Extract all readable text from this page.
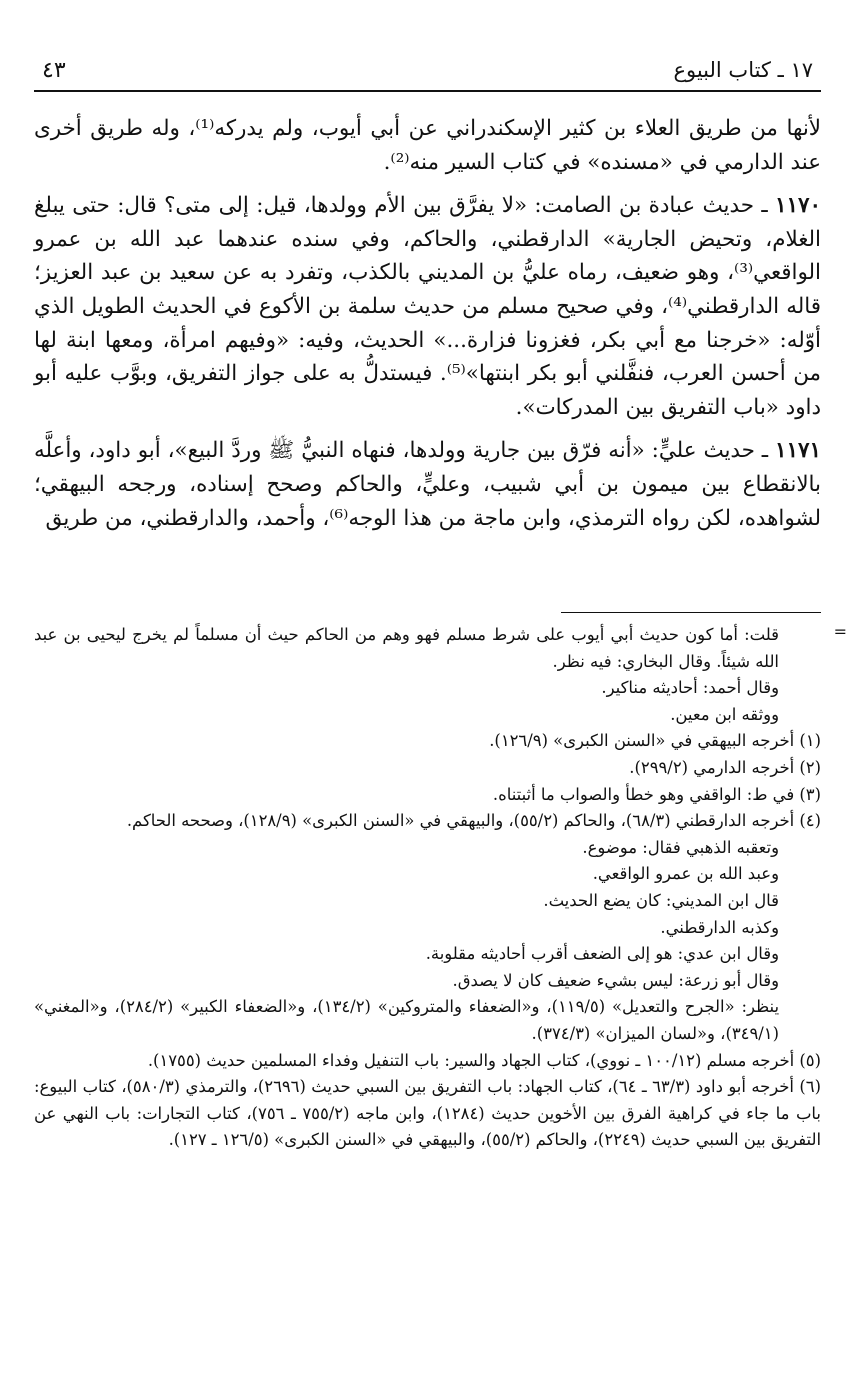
١٧ ـ كتاب البيوع
٤٣

لأنها من طريق العلاء بن كثير الإسكندراني عن أبي أيوب، ولم يدركه⁽¹⁾، وله طريق أخرى عند الدارمي في «مسنده» في كتاب السير منه⁽²⁾.

١١٧٠ ـ حديث عبادة بن الصامت: «لا يفرَّق بين الأم وولدها، قيل: إلى متى؟ قال: حتى يبلغ الغلام، وتحيض الجارية» الدارقطني، والحاكم، وفي سنده عندهما عبد الله بن عمرو الواقعي⁽³⁾، وهو ضعيف، رماه عليُّ بن المديني بالكذب، وتفرد به عن سعيد بن عبد العزيز؛ قاله الدارقطني⁽⁴⁾، وفي صحيح مسلم من حديث سلمة بن الأكوع في الحديث الطويل الذي أوّله: «خرجنا مع أبي بكر، فغزونا فزارة...» الحديث، وفيه: «وفيهم امرأة، ومعها ابنة لها من أحسن العرب، فنفَّلني أبو بكر ابنتها»⁽⁵⁾. فيستدلُّ به على جواز التفريق، وبوَّب عليه أبو داود «باب التفريق بين المدركات».

١١٧١ ـ حديث عليٍّ: «أنه فرّق بين جارية وولدها، فنهاه النبيُّ ﷺ وردَّ البيع»، أبو داود، وأعلَّه بالانقطاع بين ميمون بن أبي شبيب، وعليٍّ، والحاكم وصحح إسناده، ورجحه البيهقي؛ لشواهده، لكن رواه الترمذي، وابن ماجة من هذا الوجه⁽⁶⁾، وأحمد، والدارقطني، من طريق

=

قلت: أما كون حديث أبي أيوب على شرط مسلم فهو وهم من الحاكم حيث أن مسلماً لم يخرج ليحيى بن عبد الله شيئاً. وقال البخاري: فيه نظر.

وقال أحمد: أحاديثه مناكير.

ووثقه ابن معين.

(١) أخرجه البيهقي في «السنن الكبرى» (١٢٦/٩).

(٢) أخرجه الدارمي (٢٩٩/٢).

(٣) في ط: الواقفي وهو خطأ والصواب ما أثبتناه.

(٤) أخرجه الدارقطني (٦٨/٣)، والحاكم (٥٥/٢)، والبيهقي في «السنن الكبرى» (١٢٨/٩)، وصححه الحاكم.

وتعقبه الذهبي فقال: موضوع.

وعبد الله بن عمرو الواقعي.

قال ابن المديني: كان يضع الحديث.

وكذبه الدارقطني.

وقال ابن عدي: هو إلى الضعف أقرب أحاديثه مقلوبة.

وقال أبو زرعة: ليس بشيء ضعيف كان لا يصدق.

ينظر: «الجرح والتعديل» (١١٩/٥)، و«الضعفاء والمتروكين» (١٣٤/٢)، و«الضعفاء الكبير» (٢٨٤/٢)، و«المغني» (٣٤٩/١)، و«لسان الميزان» (٣٧٤/٣).

(٥) أخرجه مسلم (١٠٠/١٢ ـ نووي)، كتاب الجهاد والسير: باب التنفيل وفداء المسلمين حديث (١٧٥٥).

(٦) أخرجه أبو داود (٦٣/٣ ـ ٦٤)، كتاب الجهاد: باب التفريق بين السبي حديث (٢٦٩٦)، والترمذي (٥٨٠/٣)، كتاب البيوع: باب ما جاء في كراهية الفرق بين الأخوين حديث (١٢٨٤)، وابن ماجه (٧٥٥/٢ ـ ٧٥٦)، كتاب التجارات: باب النهي عن التفريق بين السبي حديث (٢٢٤٩)، والحاكم (٥٥/٢)، والبيهقي في «السنن الكبرى» (١٢٦/٥ ـ ١٢٧).
